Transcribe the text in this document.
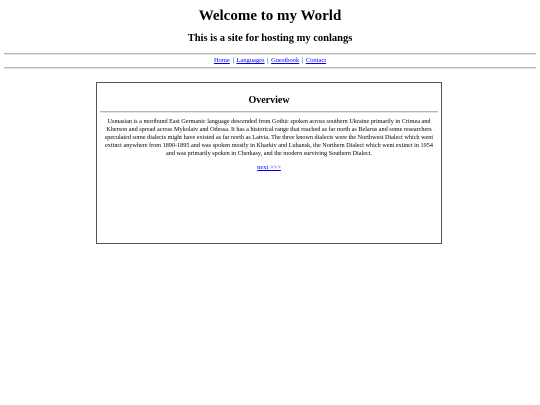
Welcome to my World
This is a site for hosting my conlangs
Home | Languages | Guestbook | Contact
Overview

Usmasian is a moribund East Germanic language descended from Gothic spoken across southern Ukraine primarily in Crimea and Kherson and spread across Mykolaiv and Odessa. It has a historical range that reached as far north as Belarus and some researchers speculated some dialects might have existed as far north as Latvia. The three known dialects were the Northwest Dialect which went extinct anywhere from 1890-1895 and was spoken mostly in Kharkiv and Luhansk, the Northern Dialect which went extinct in 1954 and was primarily spoken in Cherkasy, and the modern surviving Southern Dialect.

next >>>
